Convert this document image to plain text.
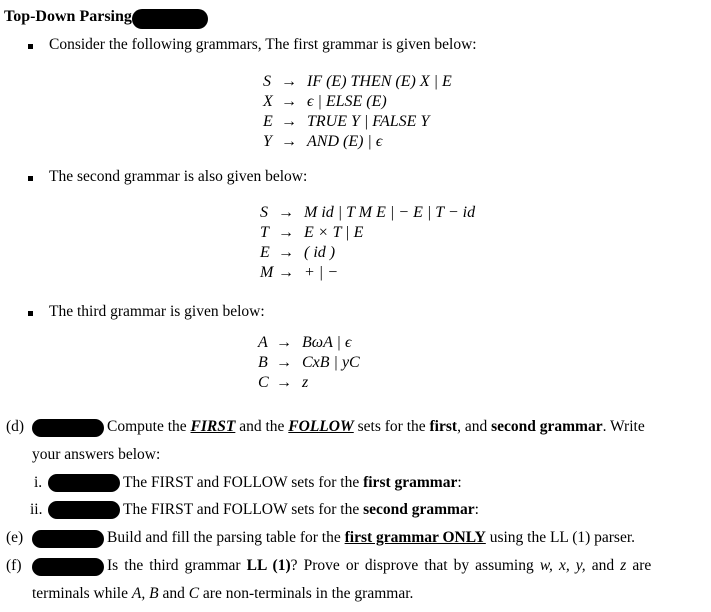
Top-Down Parsing
Consider the following grammars, The first grammar is given below:
S → IF (E) THEN (E) X | E
X → ϵ | ELSE (E)
E → TRUE Y | FALSE Y
Y → AND (E) | ϵ
The second grammar is also given below:
S → M id | T M E | − E | T − id
T → E × T | E
E → ( id )
M → + | −
The third grammar is given below:
A → BωA | ϵ
B → CxB | yC
C → z
(d)	Compute the FIRST and the FOLLOW sets for the first, and second grammar. Write
your answers below:
i.	The FIRST and FOLLOW sets for the first grammar:
ii.	The FIRST and FOLLOW sets for the second grammar:
(e)	Build and fill the parsing table for the first grammar ONLY using the LL (1) parser.
(f)	Is the third grammar LL (1)? Prove or disprove that by assuming w, x, y, and z are
terminals while A, B and C are non-terminals in the grammar.
